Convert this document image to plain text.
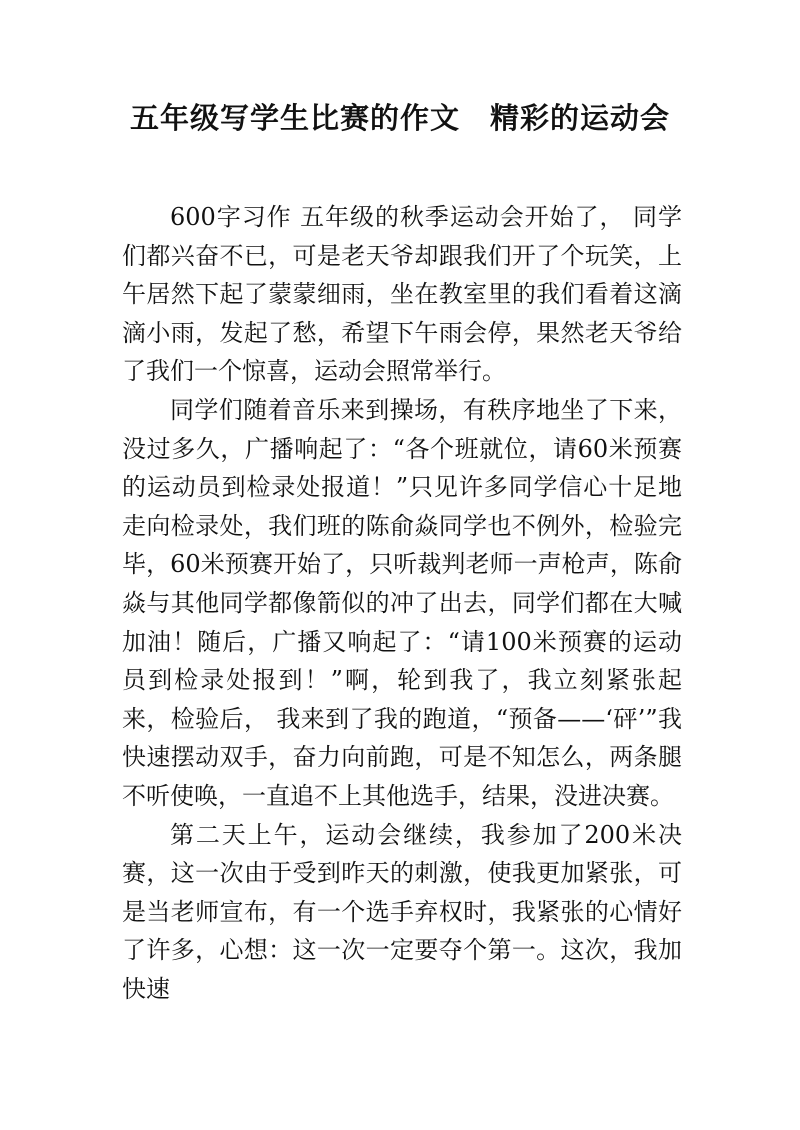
五年级写学生比赛的作文　精彩的运动会

600字习作 五年级的秋季运动会开始了， 同学们都兴奋不已，可是老天爷却跟我们开了个玩笑，上午居然下起了蒙蒙细雨，坐在教室里的我们看着这滴滴小雨，发起了愁，希望下午雨会停，果然老天爷给了我们一个惊喜，运动会照常举行。

同学们随着音乐来到操场，有秩序地坐了下来，没过多久，广播响起了：“各个班就位，请60米预赛的运动员到检录处报道！”只见许多同学信心十足地走向检录处，我们班的陈俞焱同学也不例外，检验完毕，60米预赛开始了，只听裁判老师一声枪声，陈俞焱与其他同学都像箭似的冲了出去，同学们都在大喊加油！随后，广播又响起了：“请100米预赛的运动员到检录处报到！”啊，轮到我了，我立刻紧张起来，检验后， 我来到了我的跑道，“预备——‘砰’”我快速摆动双手，奋力向前跑，可是不知怎么，两条腿不听使唤，一直追不上其他选手，结果，没进决赛。

第二天上午，运动会继续，我参加了200米决赛，这一次由于受到昨天的刺激，使我更加紧张，可是当老师宣布，有一个选手弃权时，我紧张的心情好了许多，心想：这一次一定要夺个第一。这次，我加快速
